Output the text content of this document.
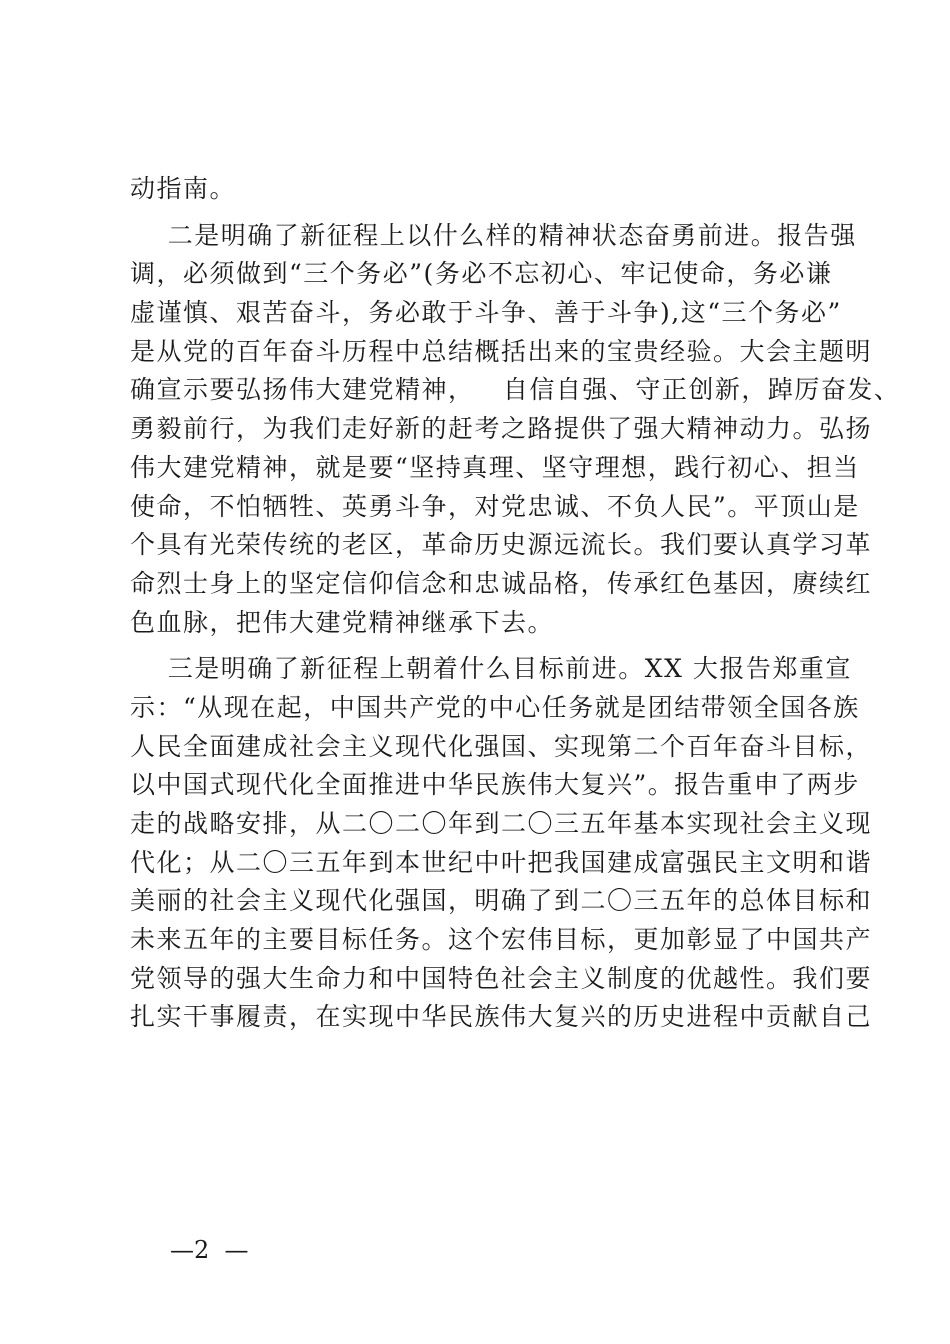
动指南。
二是明确了新征程上以什么样的精神状态奋勇前进。报告强
调，必须做到“三个务必”(务必不忘初心、牢记使命，务必谦
虚谨慎、艰苦奋斗，务必敢于斗争、善于斗争),这“三个务必”
是从党的百年奋斗历程中总结概括出来的宝贵经验。大会主题明
确宣示要弘扬伟大建党精神，   自信自强、守正创新，踔厉奋发、
勇毅前行，为我们走好新的赶考之路提供了强大精神动力。弘扬
伟大建党精神，就是要“坚持真理、坚守理想，践行初心、担当
使命，不怕牺牲、英勇斗争，对党忠诚、不负人民”。平顶山是
个具有光荣传统的老区，革命历史源远流长。我们要认真学习革
命烈士身上的坚定信仰信念和忠诚品格，传承红色基因，赓续红
色血脉，把伟大建党精神继承下去。
三是明确了新征程上朝着什么目标前进。XX 大报告郑重宣
示：“从现在起，中国共产党的中心任务就是团结带领全国各族
人民全面建成社会主义现代化强国、实现第二个百年奋斗目标，
以中国式现代化全面推进中华民族伟大复兴”。报告重申了两步
走的战略安排，从二〇二〇年到二〇三五年基本实现社会主义现
代化；从二〇三五年到本世纪中叶把我国建成富强民主文明和谐
美丽的社会主义现代化强国，明确了到二〇三五年的总体目标和
未来五年的主要目标任务。这个宏伟目标，更加彰显了中国共产
党领导的强大生命力和中国特色社会主义制度的优越性。我们要
扎实干事履责，在实现中华民族伟大复兴的历史进程中贡献自己
—2  —
